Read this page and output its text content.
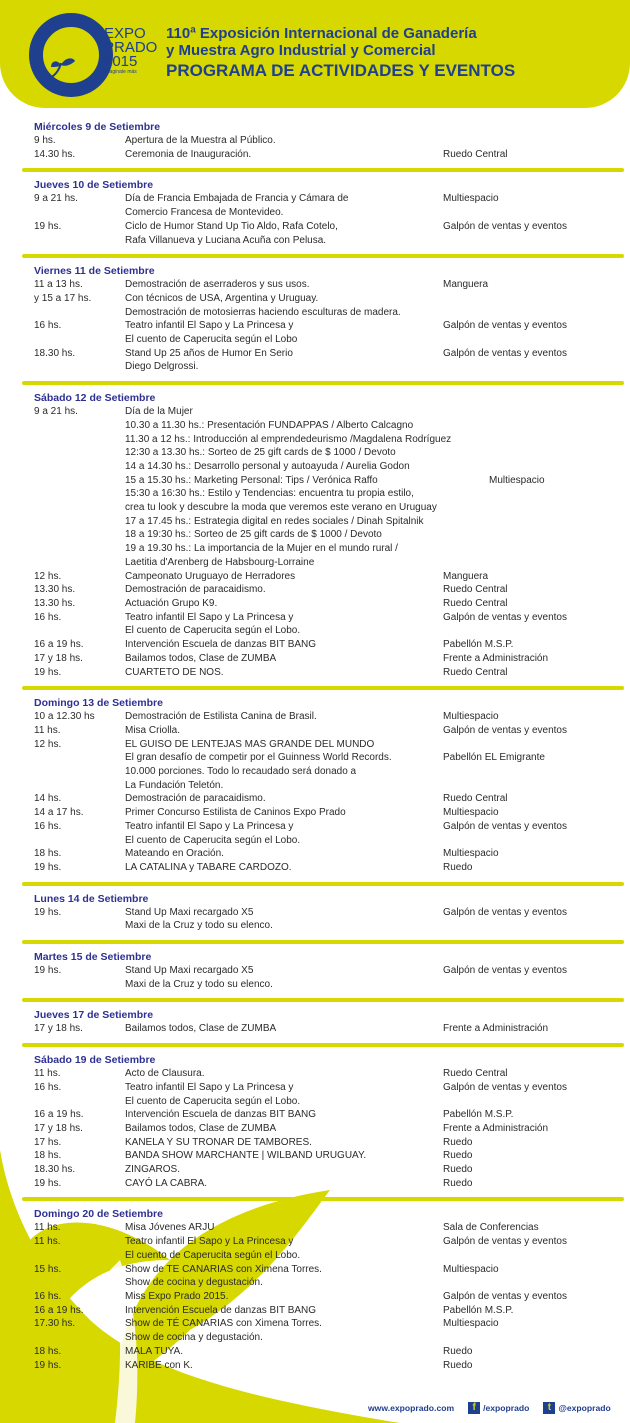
EXPO
PRADO
2015
Imaginate más
110ª Exposición Internacional de Ganadería
y Muestra Agro Industrial y Comercial
PROGRAMA DE ACTIVIDADES Y EVENTOS
Miércoles 9 de Setiembre
9 hs.	Apertura de la Muestra al Público.
14.30 hs.	Ceremonia de Inauguración.	Ruedo Central
Jueves 10 de Setiembre
9 a 21 hs.	Día de Francia Embajada de Francia y Cámara de	Multiespacio
Comercio Francesa de Montevideo.
19 hs.	Ciclo de Humor Stand Up Tio Aldo, Rafa Cotelo,	Galpón de ventas y eventos
Rafa Villanueva y Luciana Acuña con Pelusa.
Viernes 11 de Setiembre
11 a 13 hs.	Demostración de aserraderos y sus usos.	Manguera
y 15 a 17 hs.	Con técnicos de USA, Argentina y Uruguay.
Demostración de motosierras haciendo esculturas de madera.
16 hs.	Teatro infantil El Sapo y La Princesa y	Galpón de ventas y eventos
El cuento de Caperucita según el Lobo
18.30 hs.	Stand Up 25 años de Humor En Serio	Galpón de ventas y eventos
Diego Delgrossi.
Sábado 12 de Setiembre
9 a 21 hs.	Día de la Mujer
10.30 a 11.30 hs.: Presentación FUNDAPPAS / Alberto Calcagno
11.30 a 12 hs.: Introducción al emprendedeurismo /Magdalena Rodríguez
12:30 a 13.30 hs.: Sorteo de 25 gift cards de $ 1000 / Devoto
14 a 14.30 hs.: Desarrollo personal y autoayuda / Aurelia Godon
15 a 15.30 hs.: Marketing Personal: Tips / Verónica Raffo	Multiespacio
15:30 a 16:30 hs.: Estilo y Tendencias: encuentra tu propia estilo,
crea tu look y descubre la moda que veremos este verano en Uruguay
17 a 17.45 hs.: Estrategia digital en redes sociales / Dinah Spitalnik
18 a 19:30 hs.: Sorteo de 25 gift cards de $ 1000 / Devoto
19 a 19.30 hs.: La importancia de la Mujer en el mundo rural /
Laetitia d'Arenberg de Habsbourg-Lorraine
12 hs.	Campeonato Uruguayo de Herradores	Manguera
13.30 hs.	Demostración de paracaidismo.	Ruedo Central
13.30 hs.	Actuación Grupo K9.	Ruedo Central
16 hs.	Teatro infantil El Sapo y La Princesa y	Galpón de ventas y eventos
El cuento de Caperucita según el Lobo.
16 a 19 hs.	Intervención Escuela de danzas BIT BANG	Pabellón M.S.P.
17 y 18 hs.	Bailamos todos, Clase de ZUMBA	Frente a Administración
19 hs.	CUARTETO DE NOS.	Ruedo Central
Domingo 13 de Setiembre
10 a 12.30 hs	Demostración de Estilista Canina de Brasil.	Multiespacio
11 hs.	Misa Criolla.	Galpón de ventas y eventos
12 hs.	EL GUISO DE LENTEJAS MAS GRANDE DEL MUNDO
El gran desafío de competir por el Guinness World Records.	Pabellón EL Emigrante
10.000 porciones. Todo lo recaudado será donado a
La Fundación Teletón.
14 hs.	Demostración de paracaidismo.	Ruedo Central
14 a 17 hs.	Primer Concurso Estilista de Caninos Expo Prado	Multiespacio
16 hs.	Teatro infantil El Sapo y La Princesa y	Galpón de ventas y eventos
El cuento de Caperucita según el Lobo.
18 hs.	Mateando en Oración.	Multiespacio
19 hs.	LA CATALINA y TABARE CARDOZO.	Ruedo
Lunes 14 de Setiembre
19 hs.	Stand Up Maxi recargado X5	Galpón de ventas y eventos
Maxi de la Cruz y todo su elenco.
Martes 15 de Setiembre
19 hs.	Stand Up Maxi recargado X5	Galpón de ventas y eventos
Maxi de la Cruz y todo su elenco.
Jueves 17 de Setiembre
17 y 18 hs.	Bailamos todos, Clase de ZUMBA	Frente a Administración
Sábado 19 de Setiembre
11 hs.	Acto de Clausura.	Ruedo Central
16 hs.	Teatro infantil El Sapo y La Princesa y	Galpón de ventas y eventos
El cuento de Caperucita según el Lobo.
16 a 19 hs.	Intervención Escuela de danzas BIT BANG	Pabellón M.S.P.
17 y 18 hs.	Bailamos todos, Clase de ZUMBA	Frente a Administración
17 hs.	KANELA Y SU TRONAR DE TAMBORES.	Ruedo
18 hs.	BANDA SHOW MARCHANTE | WILBAND URUGUAY.	Ruedo
18.30 hs.	ZINGAROS.	Ruedo
19 hs.	CAYÓ LA CABRA.	Ruedo
Domingo 20 de Setiembre
11 hs.	Misa Jóvenes ARJU	Sala de Conferencias
11 hs.	Teatro infantil El Sapo y La Princesa y	Galpón de ventas y eventos
El cuento de Caperucita según el Lobo.
15 hs.	Show de TE CANARIAS con Ximena Torres.	Multiespacio
Show de cocina y degustación.
16 hs.	Miss Expo Prado 2015.	Galpón de ventas y eventos
16 a 19 hs.	Intervención Escuela de danzas BIT BANG	Pabellón M.S.P.
17.30 hs.	Show de TÉ CANARIAS con Ximena Torres.	Multiespacio
Show de cocina y degustación.
18 hs.	MALA TUYA.	Ruedo
19 hs.	KARIBE con K.	Ruedo
www.expoprado.com	f /expoprado	t @expoprado
